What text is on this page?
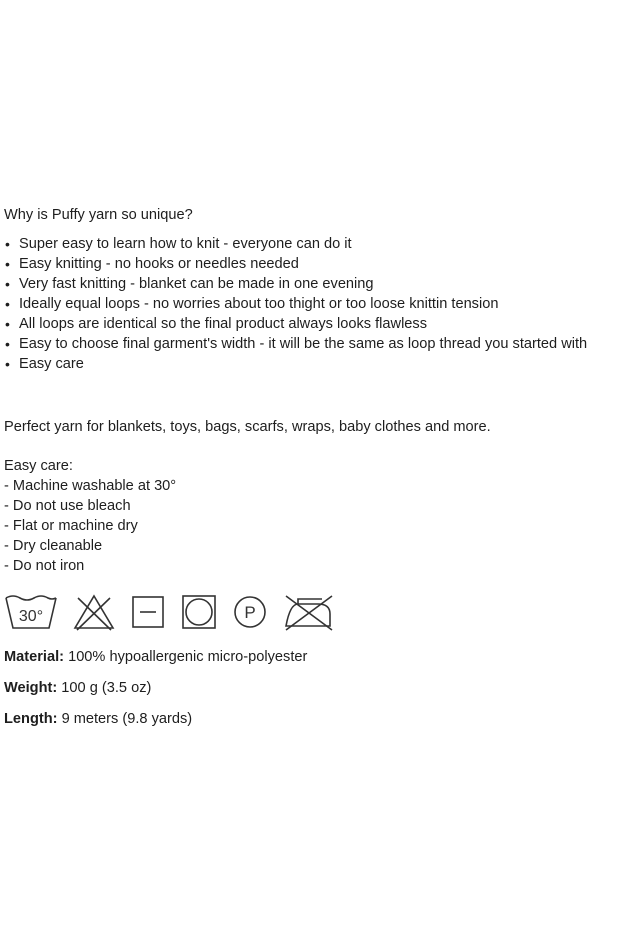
Why is Puffy yarn so unique?

• Super easy to learn how to knit - everyone can do it
• Easy knitting - no hooks or needles needed
• Very fast knitting - blanket can be made in one evening
• Ideally equal loops - no worries about too thight or too loose knittin tension
• All loops are identical so the final product always looks flawless
• Easy to choose final garment's width - it will be the same as loop thread you started with
• Easy care

Perfect yarn for blankets, toys, bags, scarfs, wraps, baby clothes and more.

Easy care:

- Machine washable at 30°
- Do not use bleach
- Flat or machine dry
- Dry cleanable
- Do not iron
30°	P

Material: 100% hypoallergenic micro-polyester

Weight: 100 g (3.5 oz)

Length: 9 meters (9.8 yards)
